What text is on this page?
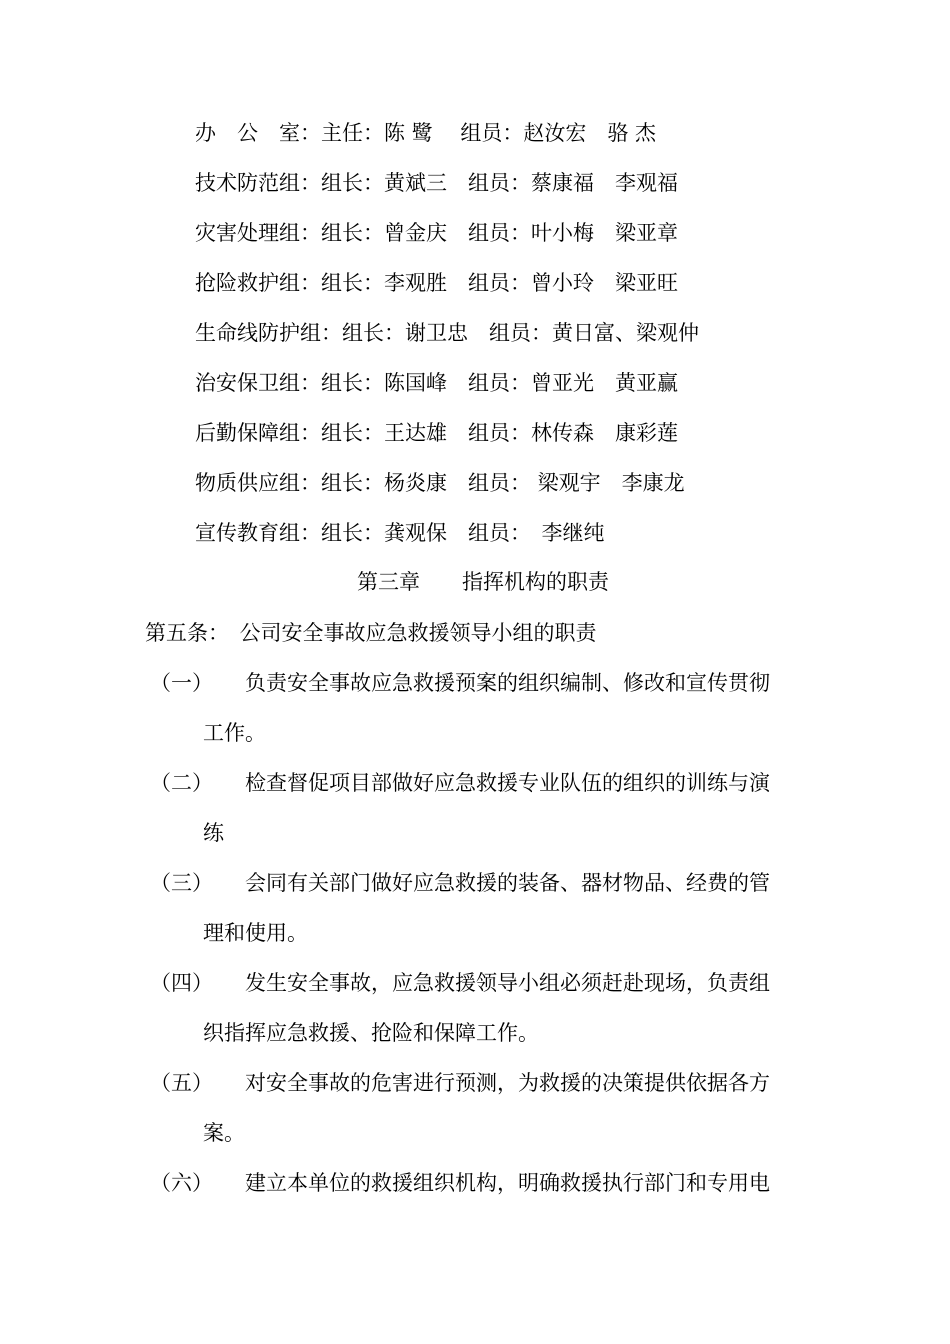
办　公　室：主任：陈 鹭　 组员：赵汝宏　骆 杰
技术防范组：组长：黄斌三　组员：蔡康福　李观福
灾害处理组：组长：曾金庆　组员：叶小梅　梁亚章
抢险救护组：组长：李观胜　组员：曾小玲　梁亚旺
生命线防护组：组长：谢卫忠　组员：黄日富、梁观仲
治安保卫组：组长：陈国峰　组员：曾亚光　黄亚赢
后勤保障组：组长：王达雄　组员：林传森　康彩莲
物质供应组：组长：杨炎康　组员： 梁观宇　李康龙
宣传教育组：组长：龚观保　组员：　李继纯
第三章　　指挥机构的职责
第五条：　公司安全事故应急救援领导小组的职责
（一） 负责安全事故应急救援预案的组织编制、修改和宣传贯彻
工作。
（二） 检查督促项目部做好应急救援专业队伍的组织的训练与演
练
（三） 会同有关部门做好应急救援的装备、器材物品、经费的管
理和使用。
（四） 发生安全事故，应急救援领导小组必须赶赴现场，负责组
织指挥应急救援、抢险和保障工作。
（五） 对安全事故的危害进行预测，为救援的决策提供依据各方
案。
（六） 建立本单位的救援组织机构，明确救援执行部门和专用电
